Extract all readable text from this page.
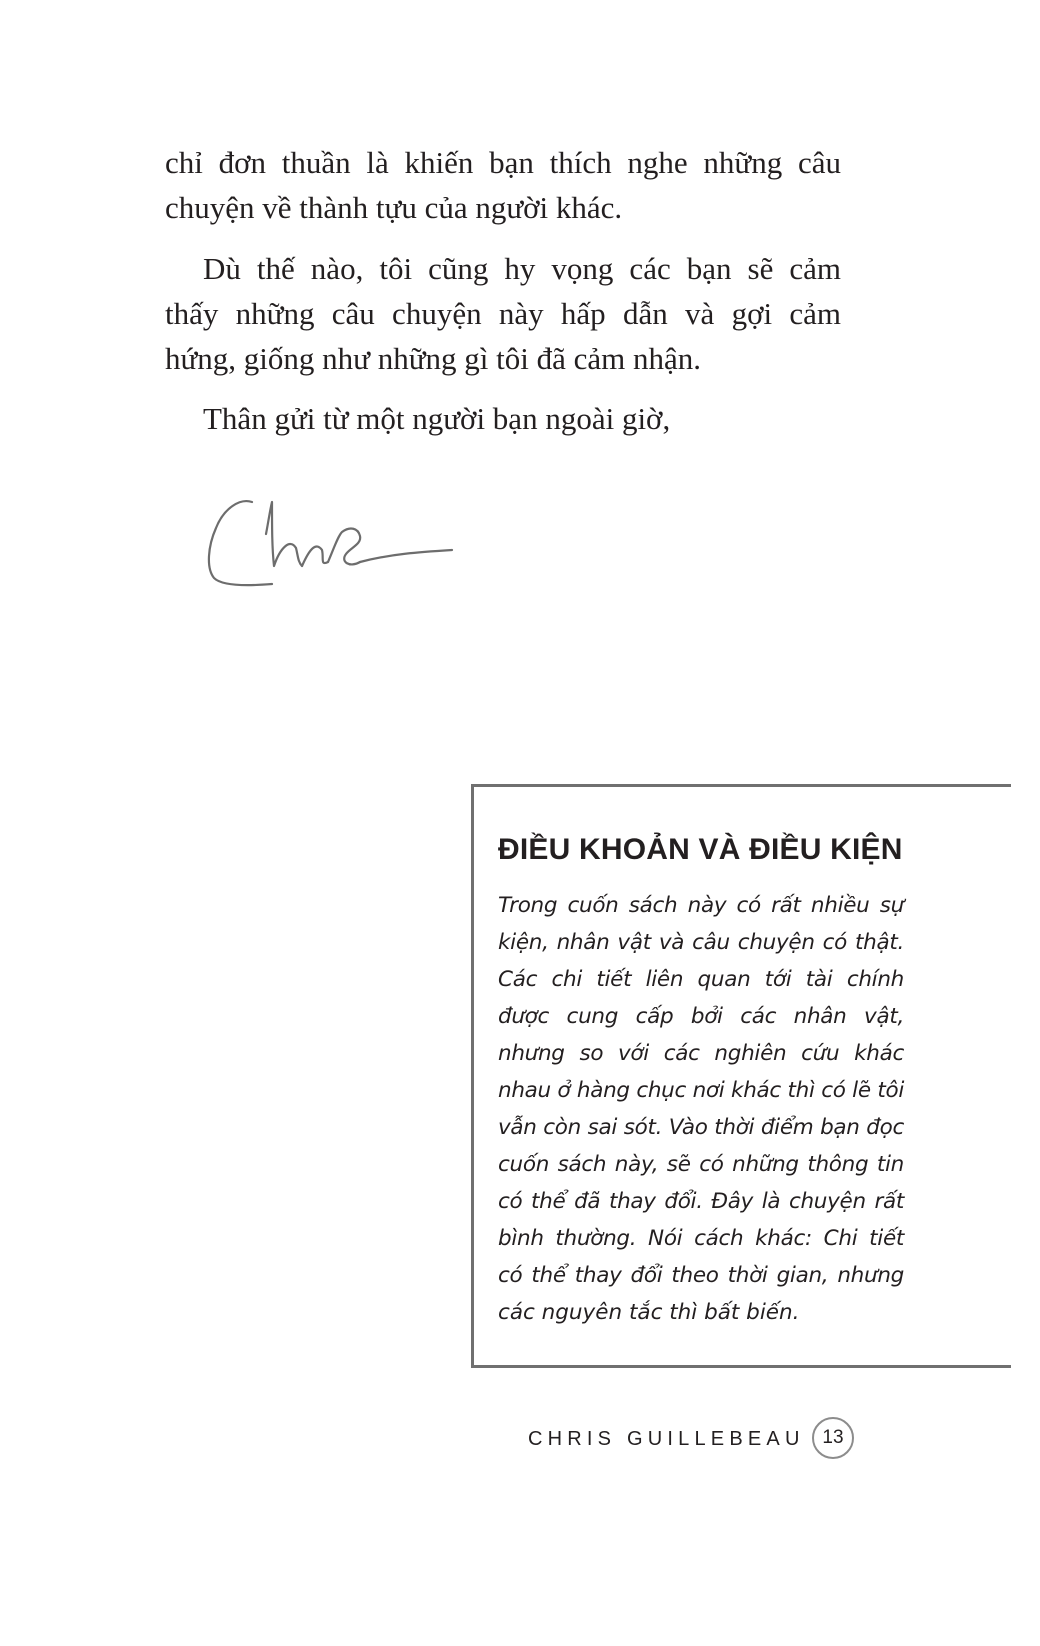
chỉ đơn thuần là khiến bạn thích nghe những câu
chuyện về thành tựu của người khác.

Dù thế nào, tôi cũng hy vọng các bạn sẽ cảm
thấy những câu chuyện này hấp dẫn và gợi cảm
hứng, giống như những gì tôi đã cảm nhận.

Thân gửi từ một người bạn ngoài giờ,

ĐIỀU KHOẢN VÀ ĐIỀU KIỆN
Trong cuốn sách này có rất nhiều sự
kiện, nhân vật và câu chuyện có thật.
Các chi tiết liên quan tới tài chính
được cung cấp bởi các nhân vật,
nhưng so với các nghiên cứu khác
nhau ở hàng chục nơi khác thì có lẽ tôi
vẫn còn sai sót. Vào thời điểm bạn đọc
cuốn sách này, sẽ có những thông tin
có thể đã thay đổi. Đây là chuyện rất
bình thường. Nói cách khác: Chi tiết
có thể thay đổi theo thời gian, nhưng
các nguyên tắc thì bất biến.
CHRIS GUILLEBEAU 13
